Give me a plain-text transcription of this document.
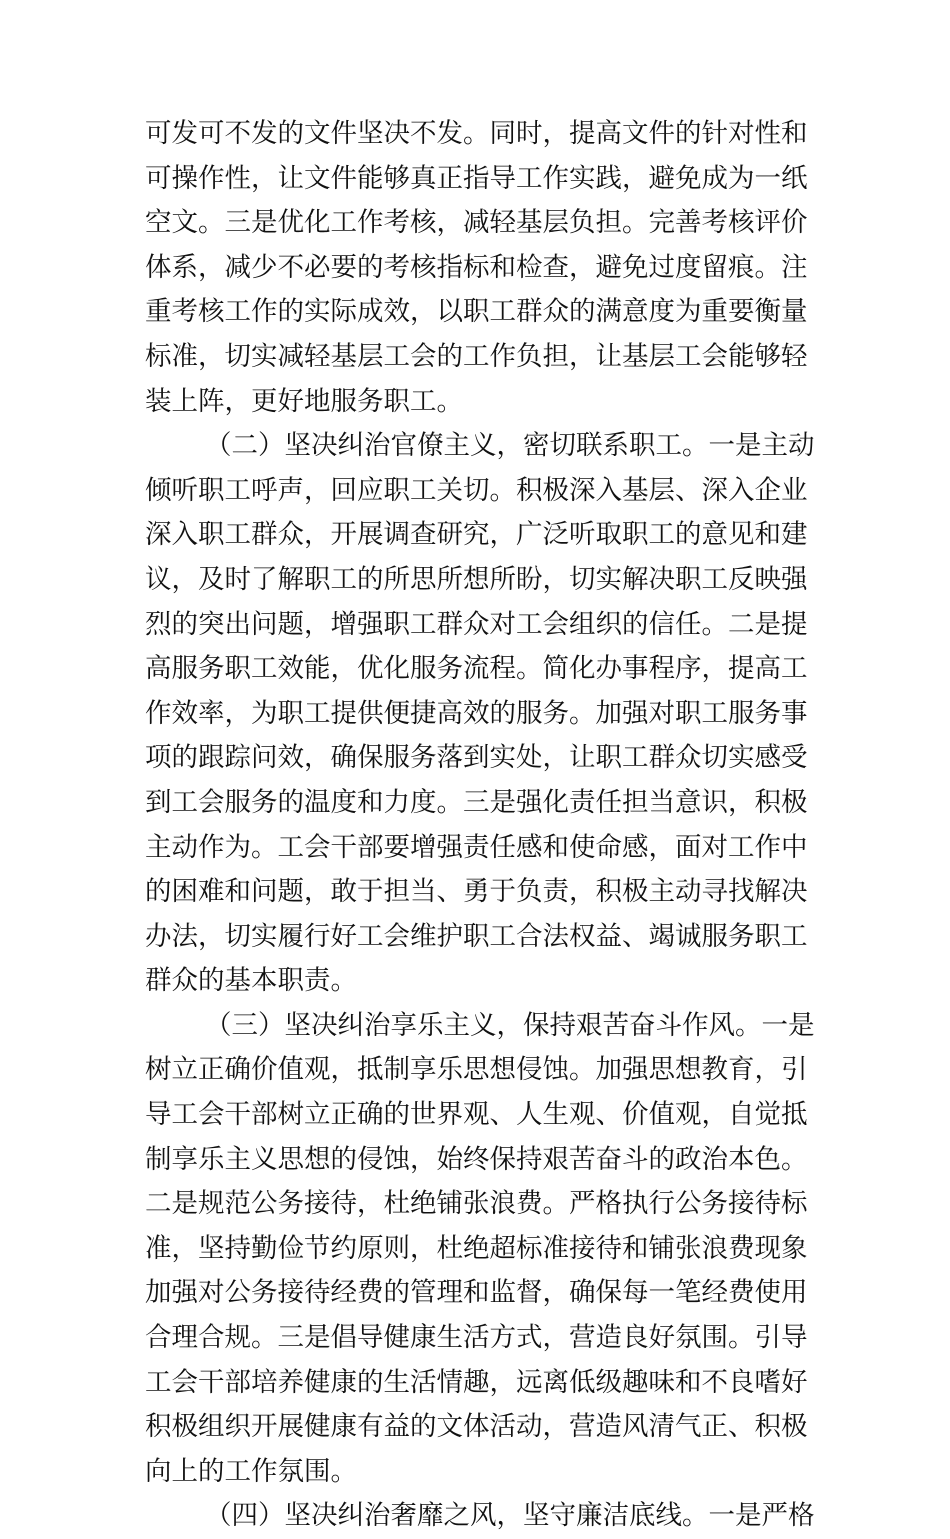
可发可不发的文件坚决不发。同时，提高文件的针对性和
可操作性，让文件能够真正指导工作实践，避免成为一纸
空文。三是优化工作考核，减轻基层负担。完善考核评价
体系，减少不必要的考核指标和检查，避免过度留痕。注
重考核工作的实际成效，以职工群众的满意度为重要衡量
标准，切实减轻基层工会的工作负担，让基层工会能够轻
装上阵，更好地服务职工。
（二）坚决纠治官僚主义，密切联系职工。一是主动
倾听职工呼声，回应职工关切。积极深入基层、深入企业
深入职工群众，开展调查研究，广泛听取职工的意见和建
议，及时了解职工的所思所想所盼，切实解决职工反映强
烈的突出问题，增强职工群众对工会组织的信任。二是提
高服务职工效能，优化服务流程。简化办事程序，提高工
作效率，为职工提供便捷高效的服务。加强对职工服务事
项的跟踪问效，确保服务落到实处，让职工群众切实感受
到工会服务的温度和力度。三是强化责任担当意识，积极
主动作为。工会干部要增强责任感和使命感，面对工作中
的困难和问题，敢于担当、勇于负责，积极主动寻找解决
办法，切实履行好工会维护职工合法权益、竭诚服务职工
群众的基本职责。
（三）坚决纠治享乐主义，保持艰苦奋斗作风。一是
树立正确价值观，抵制享乐思想侵蚀。加强思想教育，引
导工会干部树立正确的世界观、人生观、价值观，自觉抵
制享乐主义思想的侵蚀，始终保持艰苦奋斗的政治本色。
二是规范公务接待，杜绝铺张浪费。严格执行公务接待标
准，坚持勤俭节约原则，杜绝超标准接待和铺张浪费现象
加强对公务接待经费的管理和监督，确保每一笔经费使用
合理合规。三是倡导健康生活方式，营造良好氛围。引导
工会干部培养健康的生活情趣，远离低级趣味和不良嗜好
积极组织开展健康有益的文体活动，营造风清气正、积极
向上的工作氛围。
（四）坚决纠治奢靡之风，坚守廉洁底线。一是严格
